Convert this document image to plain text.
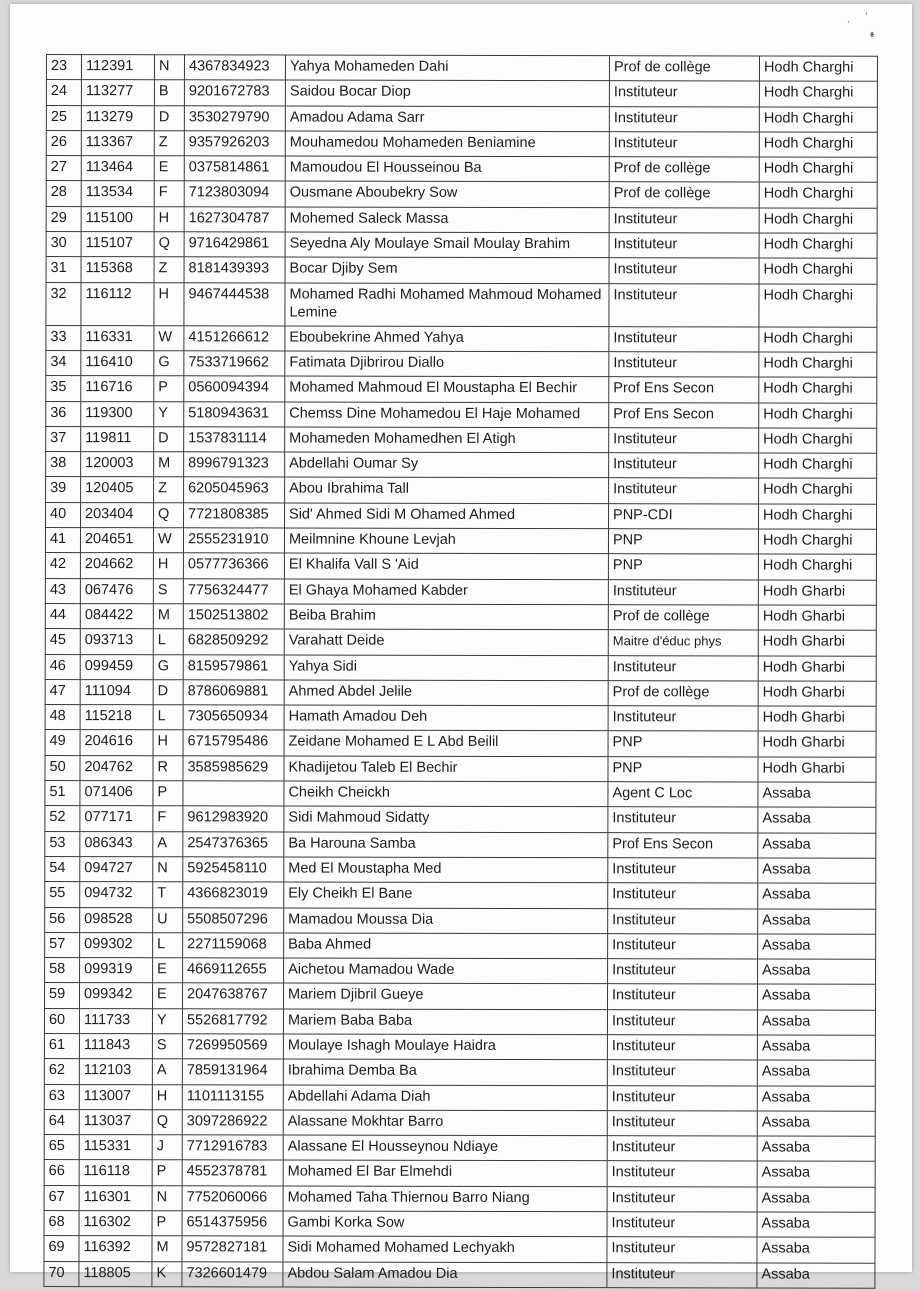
·
'
ﻬ
23	112391	N	4367834923	Yahya Mohameden Dahi	Prof de collège	Hodh Charghi
24	113277	B	9201672783	Saidou Bocar Diop	Instituteur	Hodh Charghi
25	113279	D	3530279790	Amadou Adama Sarr	Instituteur	Hodh Charghi
26	113367	Z	9357926203	Mouhamedou Mohameden Beniamine	Instituteur	Hodh Charghi
27	113464	E	0375814861	Mamoudou El Housseinou Ba	Prof de collège	Hodh Charghi
28	113534	F	7123803094	Ousmane Aboubekry Sow	Prof de collège	Hodh Charghi
29	115100	H	1627304787	Mohemed Saleck Massa	Instituteur	Hodh Charghi
30	115107	Q	9716429861	Seyedna Aly Moulaye Smail Moulay Brahim	Instituteur	Hodh Charghi
31	115368	Z	8181439393	Bocar Djiby Sem	Instituteur	Hodh Charghi
32	116112	H	9467444538	Mohamed Radhi Mohamed Mahmoud Mohamed Lemine	Instituteur	Hodh Charghi
33	116331	W	4151266612	Eboubekrine Ahmed Yahya	Instituteur	Hodh Charghi
34	116410	G	7533719662	Fatimata Djibrirou Diallo	Instituteur	Hodh Charghi
35	116716	P	0560094394	Mohamed Mahmoud El Moustapha El Bechir	Prof Ens Secon	Hodh Charghi
36	119300	Y	5180943631	Chemss Dine Mohamedou El Haje Mohamed	Prof Ens Secon	Hodh Charghi
37	119811	D	1537831114	Mohameden Mohamedhen El Atigh	Instituteur	Hodh Charghi
38	120003	M	8996791323	Abdellahi Oumar Sy	Instituteur	Hodh Charghi
39	120405	Z	6205045963	Abou Ibrahima Tall	Instituteur	Hodh Charghi
40	203404	Q	7721808385	Sid' Ahmed Sidi M Ohamed Ahmed	PNP-CDI	Hodh Charghi
41	204651	W	2555231910	Meilmnine Khoune Levjah	PNP	Hodh Charghi
42	204662	H	0577736366	El Khalifa Vall S 'Aid	PNP	Hodh Charghi
43	067476	S	7756324477	El Ghaya Mohamed Kabder	Instituteur	Hodh Gharbi
44	084422	M	1502513802	Beiba Brahim	Prof de collège	Hodh Gharbi
45	093713	L	6828509292	Varahatt Deide	Maitre d'éduc phys	Hodh Gharbi
46	099459	G	8159579861	Yahya Sidi	Instituteur	Hodh Gharbi
47	111094	D	8786069881	Ahmed Abdel Jelile	Prof de collège	Hodh Gharbi
48	115218	L	7305650934	Hamath Amadou Deh	Instituteur	Hodh Gharbi
49	204616	H	6715795486	Zeidane Mohamed E L Abd Beilil	PNP	Hodh Gharbi
50	204762	R	3585985629	Khadijetou Taleb El Bechir	PNP	Hodh Gharbi
51	071406	P		Cheikh Cheickh	Agent C Loc	Assaba
52	077171	F	9612983920	Sidi Mahmoud Sidatty	Instituteur	Assaba
53	086343	A	2547376365	Ba Harouna Samba	Prof Ens Secon	Assaba
54	094727	N	5925458110	Med El Moustapha Med	Instituteur	Assaba
55	094732	T	4366823019	Ely Cheikh El Bane	Instituteur	Assaba
56	098528	U	5508507296	Mamadou Moussa Dia	Instituteur	Assaba
57	099302	L	2271159068	Baba Ahmed	Instituteur	Assaba
58	099319	E	4669112655	Aichetou Mamadou Wade	Instituteur	Assaba
59	099342	E	2047638767	Mariem Djibril Gueye	Instituteur	Assaba
60	111733	Y	5526817792	Mariem Baba Baba	Instituteur	Assaba
61	111843	S	7269950569	Moulaye Ishagh Moulaye Haidra	Instituteur	Assaba
62	112103	A	7859131964	Ibrahima Demba Ba	Instituteur	Assaba
63	113007	H	1101113155	Abdellahi Adama Diah	Instituteur	Assaba
64	113037	Q	3097286922	Alassane Mokhtar Barro	Instituteur	Assaba
65	115331	J	7712916783	Alassane El Housseynou Ndiaye	Instituteur	Assaba
66	116118	P	4552378781	Mohamed El Bar Elmehdi	Instituteur	Assaba
67	116301	N	7752060066	Mohamed Taha Thiernou Barro Niang	Instituteur	Assaba
68	116302	P	6514375956	Gambi Korka Sow	Instituteur	Assaba
69	116392	M	9572827181	Sidi Mohamed Mohamed Lechyakh	Instituteur	Assaba
70	118805	K	7326601479	Abdou Salam Amadou Dia	Instituteur	Assaba
